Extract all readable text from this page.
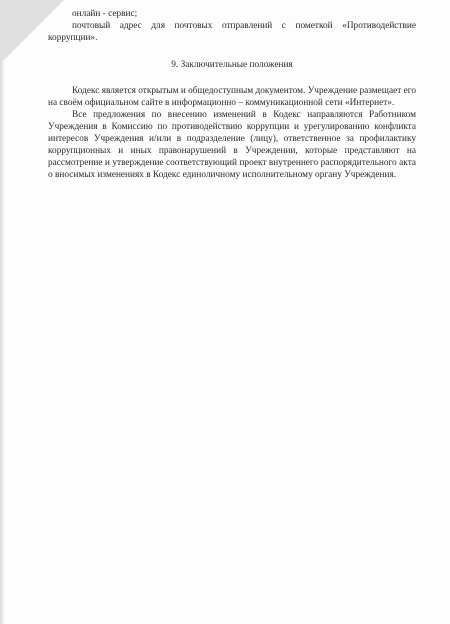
онлайн - сервис;

почтовый адрес для почтовых отправлений с пометкой «Противодействие коррупции».

9. Заключительные положения

Кодекс является открытым и общедоступным документом. Учреждение размещает его на своём официальном сайте в информационно – коммуникационной сети «Интернет».

Все предложения по внесению изменений в Кодекс направляются Работником Учреждения в Комиссию по противодействию коррупции и урегулированию конфликта интересов Учреждения и/или в подразделение (лицу), ответственное за профилактику коррупционных и иных правонарушений в Учреждении, которые представляют на рассмотрение и утверждение соответствующий проект внутреннего распорядительного акта о вносимых изменениях в Кодекс единоличному исполнительному органу Учреждения.
